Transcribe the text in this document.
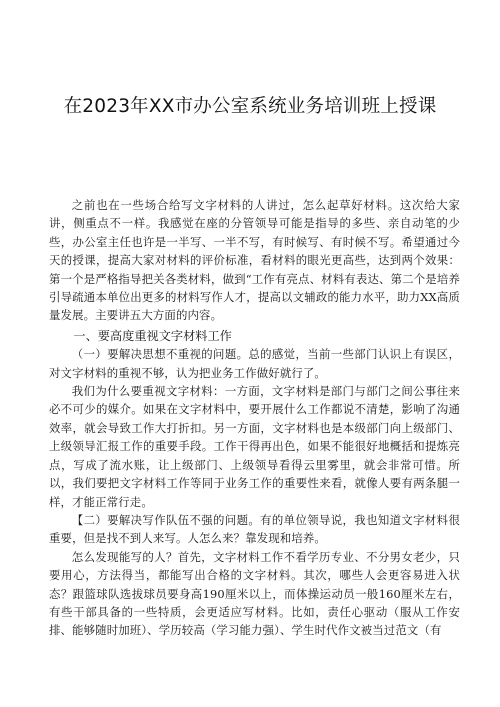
在2023年XX市办公室系统业务培训班上授课

之前也在一些场合给写文字材料的人讲过，怎么起草好材料。这次给大家讲，侧重点不一样。我感觉在座的分管领导可能是指导的多些、亲自动笔的少些，办公室主任也许是一半写、一半不写，有时候写、有时候不写。希望通过今天的授课，提高大家对材料的评价标准，看材料的眼光更高些，达到两个效果：第一个是严格指导把关各类材料，做到“工作有亮点、材料有表达、第二个是培养引导疏通本单位出更多的材料写作人才，提高以文辅政的能力水平，助力XX高质量发展。主要讲五大方面的内容。

一、要高度重视文字材料工作

（一）要解决思想不重视的问题。总的感觉，当前一些部门认识上有误区，对文字材料的重视不够，认为把业务工作做好就行了。

我们为什么要重视文字材料：一方面，文字材料是部门与部门之间公事往来必不可少的媒介。如果在文字材料中，要开展什么工作都说不清楚，影响了沟通效率，就会导致工作大打折扣。另一方面，文字材料也是本级部门向上级部门、上级领导汇报工作的重要手段。工作干得再出色，如果不能很好地概括和提炼亮点，写成了流水账，让上级部门、上级领导看得云里雾里，就会非常可惜。所以，我们要把文字材料工作等同于业务工作的重要性来看，就像人要有两条腿一样，才能正常行走。

【二）要解决写作队伍不强的问题。有的单位领导说，我也知道文字材料很重要，但是找不到人来写。人怎么来？靠发现和培养。

怎么发现能写的人？首先，文字材料工作不看学历专业、不分男女老少，只要用心，方法得当，都能写出合格的文字材料。其次，哪些人会更容易进入状态？跟篮球队选拔球员要身高190厘米以上，而体操运动员一般160厘米左右，有些干部具备的一些特质，会更适应写材料。比如，责任心驱动（服从工作安排、能够随时加班）、学历较高（学习能力强）、学生时代作文被当过范文（有
